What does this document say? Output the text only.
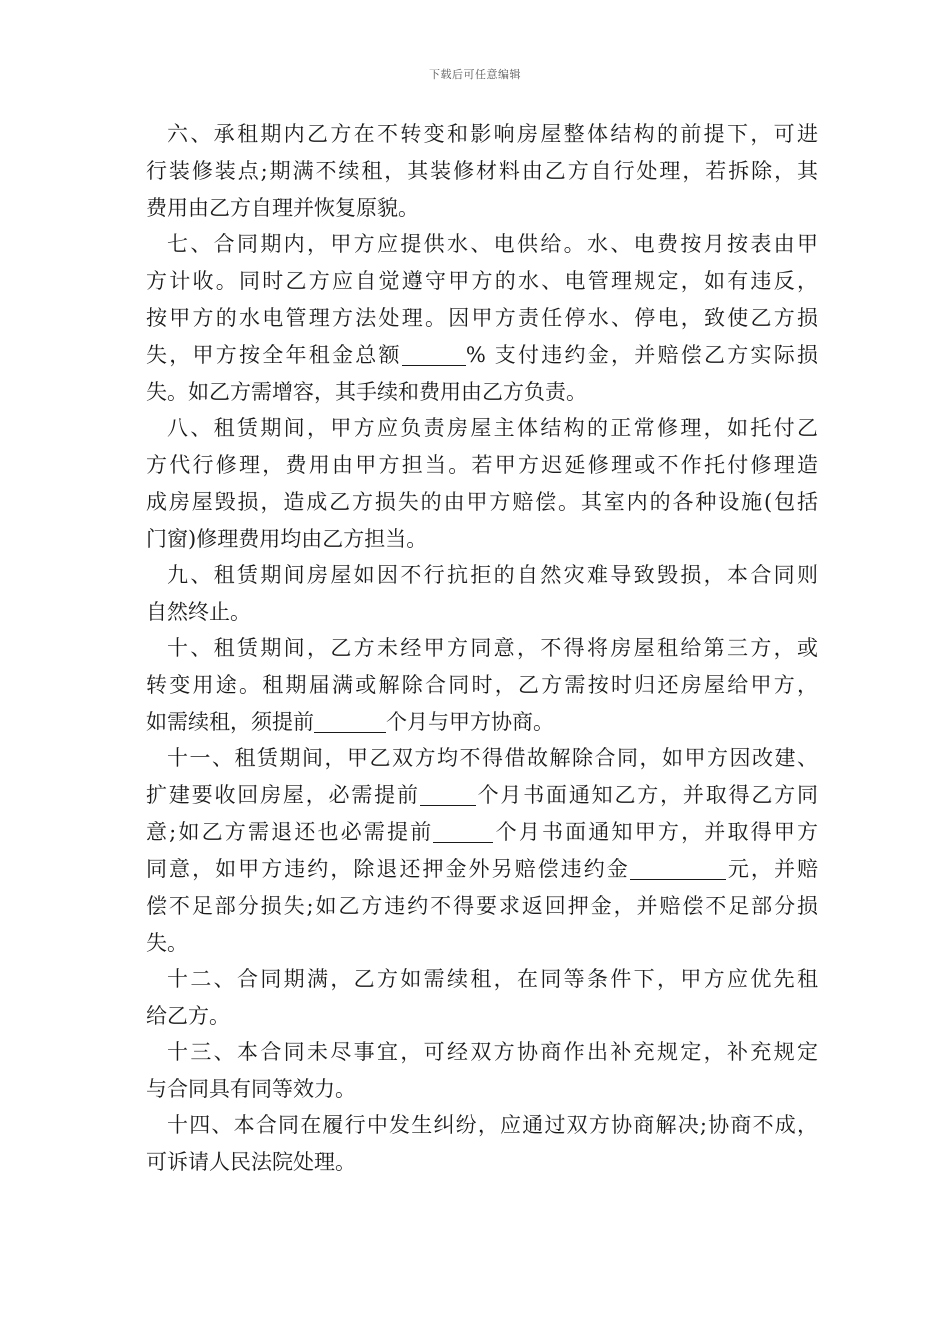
下载后可任意编辑
六、承租期内乙方在不转变和影响房屋整体结构的前提下，可进
行装修装点;期满不续租，其装修材料由乙方自行处理，若拆除，其
费用由乙方自理并恢复原貌。
七、合同期内，甲方应提供水、电供给。水、电费按月按表由甲
方计收。同时乙方应自觉遵守甲方的水、电管理规定，如有违反，
按甲方的水电管理方法处理。因甲方责任停水、停电，致使乙方损
失，甲方按全年租金总额	% 支付违约金，并赔偿乙方实际损
失。如乙方需增容，其手续和费用由乙方负责。
八、租赁期间，甲方应负责房屋主体结构的正常修理，如托付乙
方代行修理，费用由甲方担当。若甲方迟延修理或不作托付修理造
成房屋毁损，造成乙方损失的由甲方赔偿。其室内的各种设施(包括
门窗)修理费用均由乙方担当。
九、租赁期间房屋如因不行抗拒的自然灾难导致毁损，本合同则
自然终止。
十、租赁期间，乙方未经甲方同意，不得将房屋租给第三方，或
转变用途。租期届满或解除合同时，乙方需按时归还房屋给甲方，
如需续租，须提前	个月与甲方协商。
十一、租赁期间，甲乙双方均不得借故解除合同，如甲方因改建、
扩建要收回房屋，必需提前	个月书面通知乙方，并取得乙方同
意;如乙方需退还也必需提前	个月书面通知甲方，并取得甲方
同意，如甲方违约，除退还押金外另赔偿违约金	元，并赔
偿不足部分损失;如乙方违约不得要求返回押金，并赔偿不足部分损
失。
十二、合同期满，乙方如需续租，在同等条件下，甲方应优先租
给乙方。
十三、本合同未尽事宜，可经双方协商作出补充规定，补充规定
与合同具有同等效力。
十四、本合同在履行中发生纠纷，应通过双方协商解决;协商不成，
可诉请人民法院处理。
